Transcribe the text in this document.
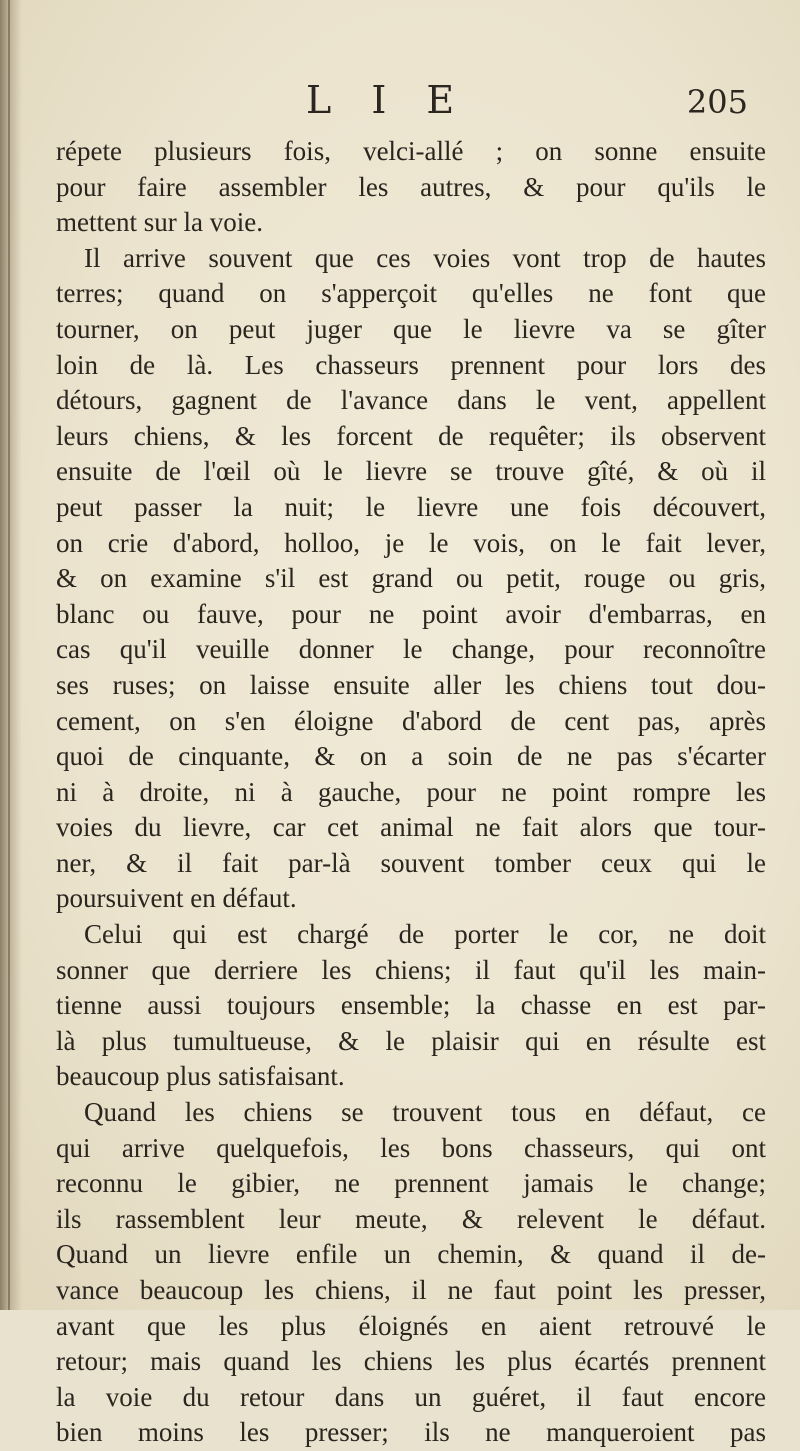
L I E	205
répete plusieurs fois, velci-allé ; on sonne ensuite
pour faire assembler les autres, & pour qu'ils le
mettent sur la voie.
Il arrive souvent que ces voies vont trop de hautes
terres; quand on s'apperçoit qu'elles ne font que
tourner, on peut juger que le lievre va se gîter
loin de là. Les chasseurs prennent pour lors des
détours, gagnent de l'avance dans le vent, appellent
leurs chiens, & les forcent de requêter; ils observent
ensuite de l'œil où le lievre se trouve gîté, & où il
peut passer la nuit; le lievre une fois découvert,
on crie d'abord, holloo, je le vois, on le fait lever,
& on examine s'il est grand ou petit, rouge ou gris,
blanc ou fauve, pour ne point avoir d'embarras, en
cas qu'il veuille donner le change, pour reconnoître
ses ruses; on laisse ensuite aller les chiens tout dou-
cement, on s'en éloigne d'abord de cent pas, après
quoi de cinquante, & on a soin de ne pas s'écarter
ni à droite, ni à gauche, pour ne point rompre les
voies du lievre, car cet animal ne fait alors que tour-
ner, & il fait par-là souvent tomber ceux qui le
poursuivent en défaut.
Celui qui est chargé de porter le cor, ne doit
sonner que derriere les chiens; il faut qu'il les main-
tienne aussi toujours ensemble; la chasse en est par-
là plus tumultueuse, & le plaisir qui en résulte est
beaucoup plus satisfaisant.
Quand les chiens se trouvent tous en défaut, ce
qui arrive quelquefois, les bons chasseurs, qui ont
reconnu le gibier, ne prennent jamais le change;
ils rassemblent leur meute, & relevent le défaut.
Quand un lievre enfile un chemin, & quand il de-
vance beaucoup les chiens, il ne faut point les presser,
avant que les plus éloignés en aient retrouvé le
retour; mais quand les chiens les plus écartés prennent
la voie du retour dans un guéret, il faut encore
bien moins les presser; ils ne manqueroient pas
